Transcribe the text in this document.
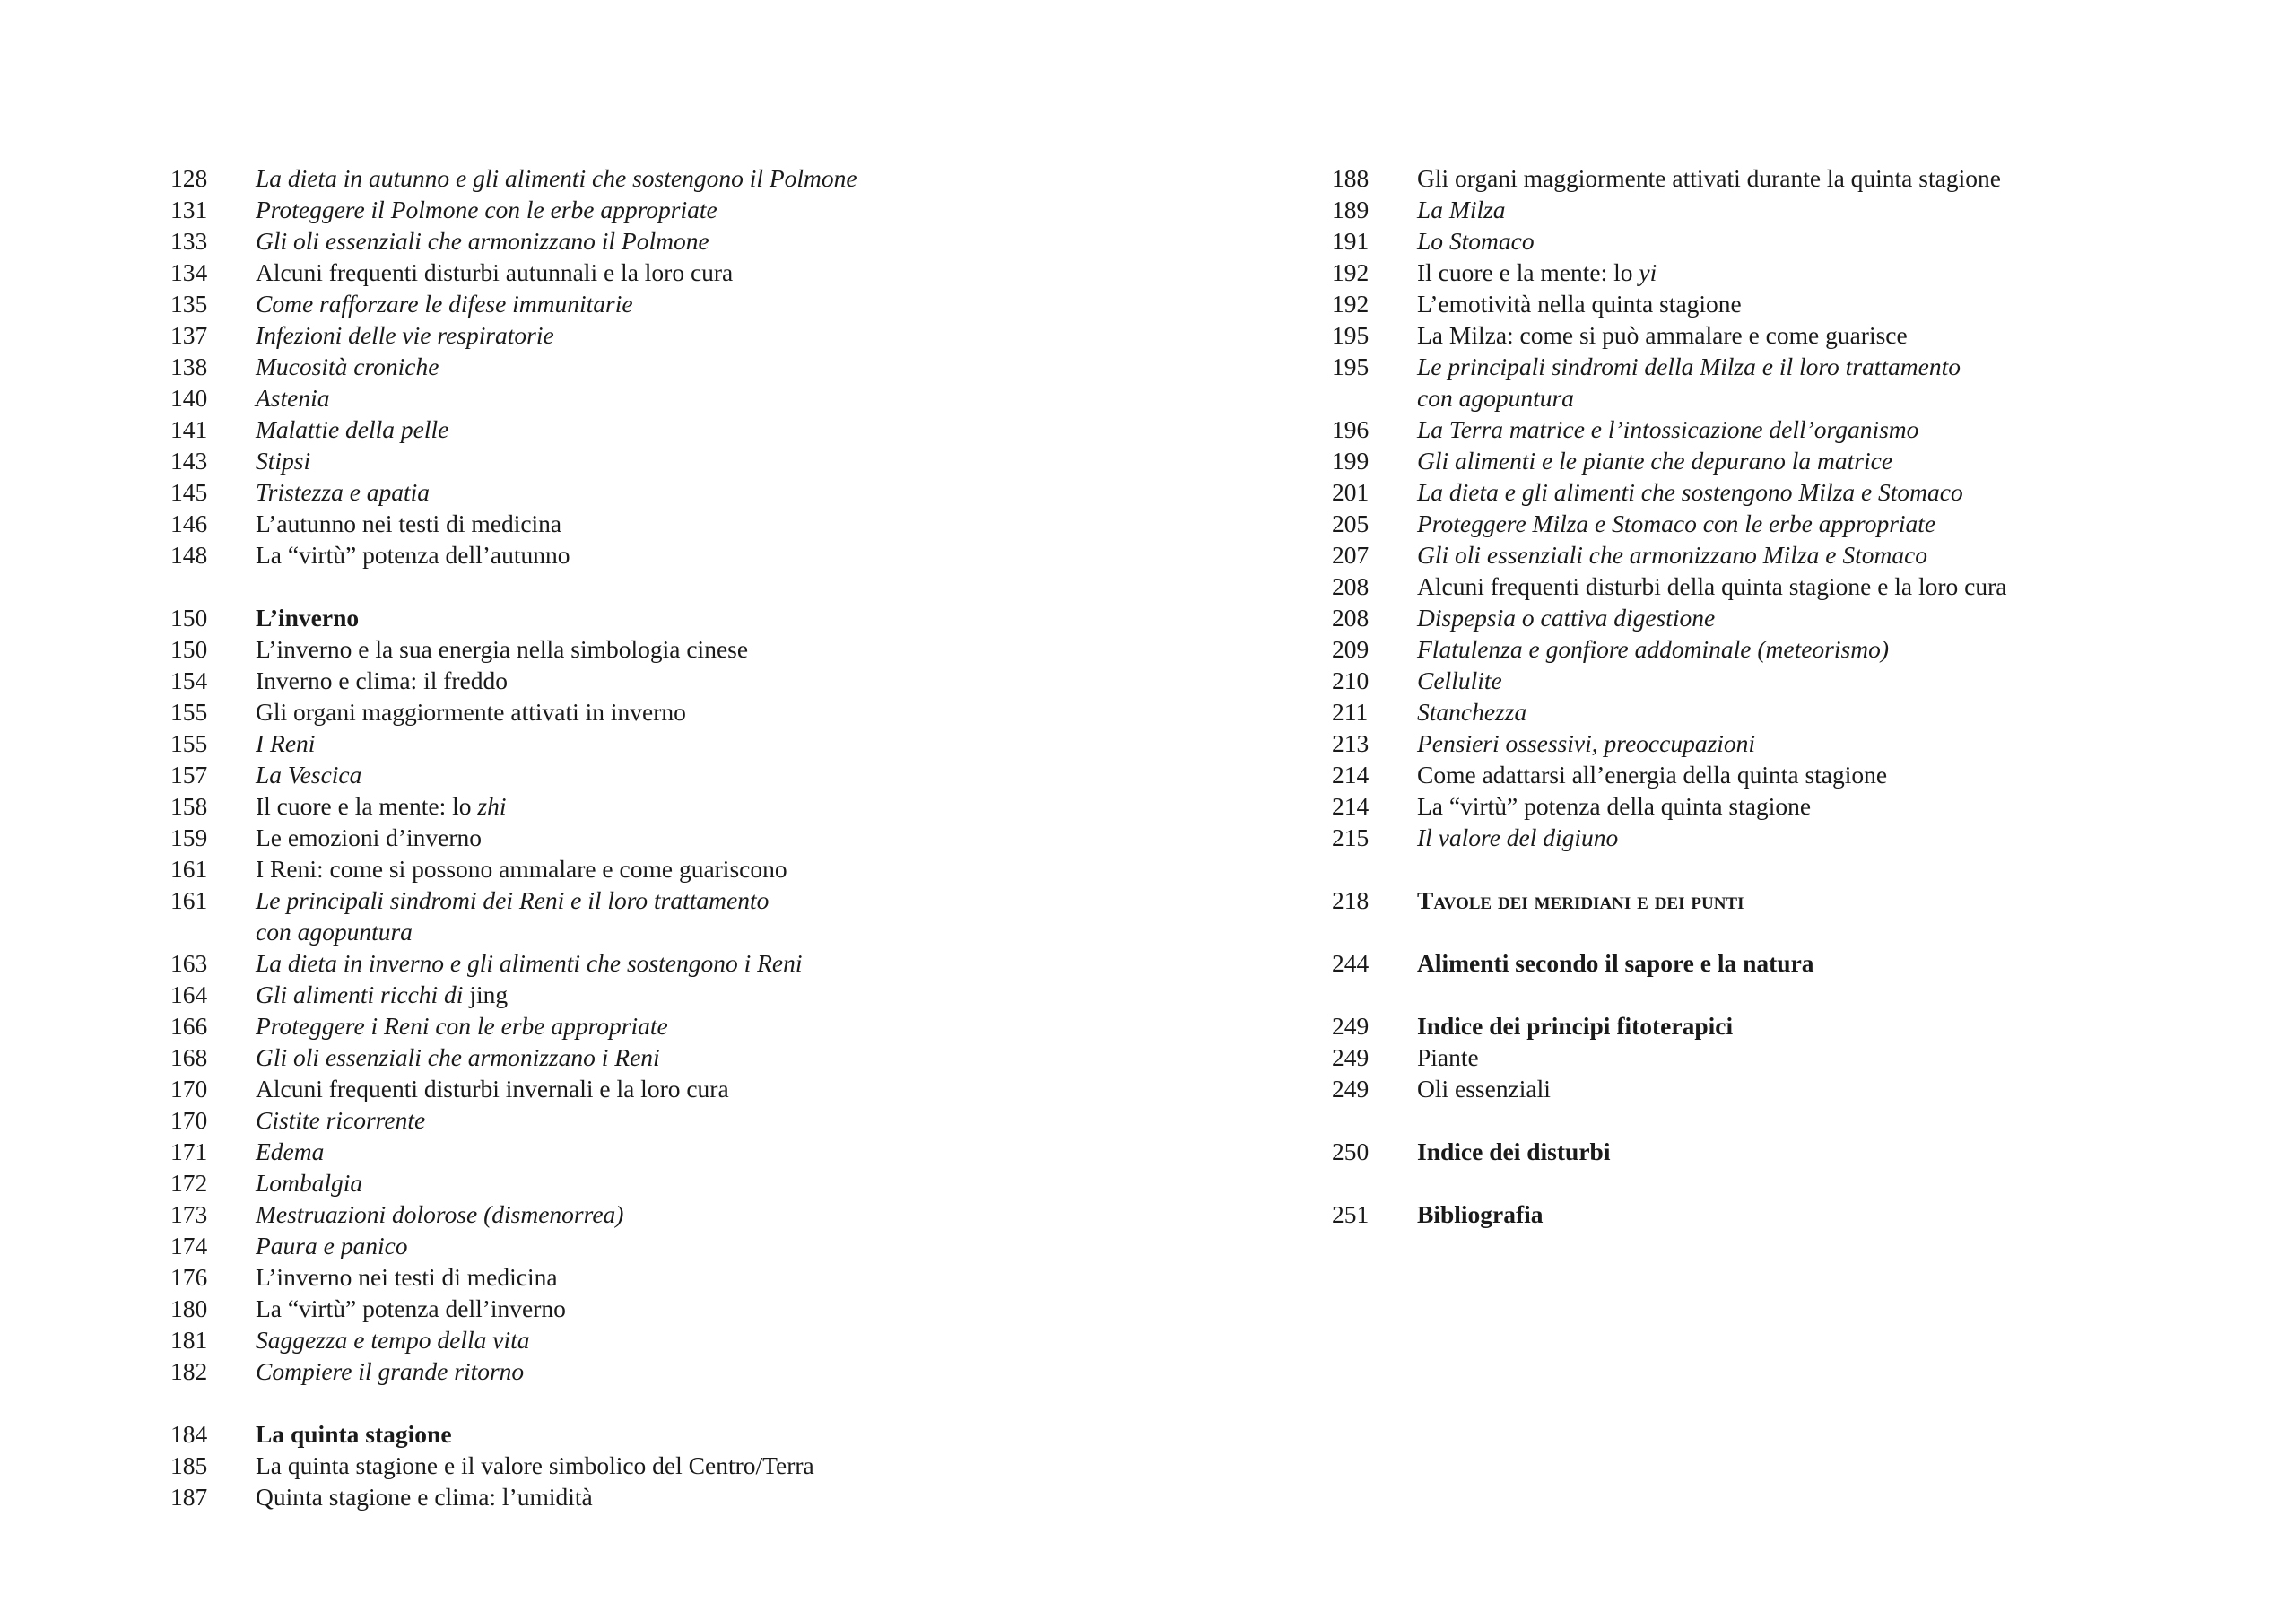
128	La dieta in autunno e gli alimenti che sostengono il Polmone
131	Proteggere il Polmone con le erbe appropriate
133	Gli oli essenziali che armonizzano il Polmone
134	Alcuni frequenti disturbi autunnali e la loro cura
135	Come rafforzare le difese immunitarie
137	Infezioni delle vie respiratorie
138	Mucosità croniche
140	Astenia
141	Malattie della pelle
143	Stipsi
145	Tristezza e apatia
146	L’autunno nei testi di medicina
148	La “virtù” potenza dell’autunno
150	L’inverno
150	L’inverno e la sua energia nella simbologia cinese
154	Inverno e clima: il freddo
155	Gli organi maggiormente attivati in inverno
155	I Reni
157	La Vescica
158	Il cuore e la mente: lo zhi
159	Le emozioni d’inverno
161	I Reni: come si possono ammalare e come guariscono
161	Le principali sindromi dei Reni e il loro trattamento
con agopuntura
163	La dieta in inverno e gli alimenti che sostengono i Reni
164	Gli alimenti ricchi di jing
166	Proteggere i Reni con le erbe appropriate
168	Gli oli essenziali che armonizzano i Reni
170	Alcuni frequenti disturbi invernali e la loro cura
170	Cistite ricorrente
171	Edema
172	Lombalgia
173	Mestruazioni dolorose (dismenorrea)
174	Paura e panico
176	L’inverno nei testi di medicina
180	La “virtù” potenza dell’inverno
181	Saggezza e tempo della vita
182	Compiere il grande ritorno
184	La quinta stagione
185	La quinta stagione e il valore simbolico del Centro/Terra
187	Quinta stagione e clima: l’umidità
188	Gli organi maggiormente attivati durante la quinta stagione
189	La Milza
191	Lo Stomaco
192	Il cuore e la mente: lo yi
192	L’emotività nella quinta stagione
195	La Milza: come si può ammalare e come guarisce
195	Le principali sindromi della Milza e il loro trattamento
con agopuntura
196	La Terra matrice e l’intossicazione dell’organismo
199	Gli alimenti e le piante che depurano la matrice
201	La dieta e gli alimenti che sostengono Milza e Stomaco
205	Proteggere Milza e Stomaco con le erbe appropriate
207	Gli oli essenziali che armonizzano Milza e Stomaco
208	Alcuni frequenti disturbi della quinta stagione e la loro cura
208	Dispepsia o cattiva digestione
209	Flatulenza e gonfiore addominale (meteorismo)
210	Cellulite
211	Stanchezza
213	Pensieri ossessivi, preoccupazioni
214	Come adattarsi all’energia della quinta stagione
214	La “virtù” potenza della quinta stagione
215	Il valore del digiuno
218	Tavole dei meridiani e dei punti
244	Alimenti secondo il sapore e la natura
249	Indice dei principi fitoterapici
249	Piante
249	Oli essenziali
250	Indice dei disturbi
251	Bibliografia
